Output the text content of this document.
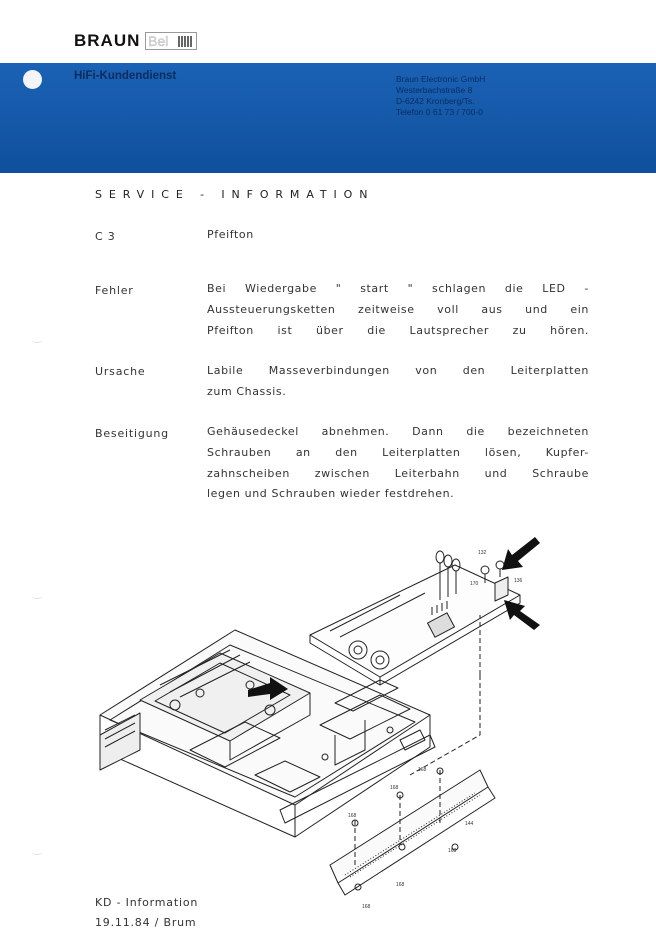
BRAUN Bel
HiFi-Kundendienst	Braun Electronic GmbH
Westerbachstraße 8
D-6242 Kronberg/Ts.
Telefon 0 61 73 / 700-0
SERVICE - INFORMATION
C 3	Pfeifton
Fehler	Bei Wiedergabe " start " schlagen die LED -
Aussteuerungsketten zeitweise voll aus und ein
Pfeifton ist über die Lautsprecher zu hören.
Ursache	Labile Masseverbindungen von den Leiterplatten
zum Chassis.
Beseitigung	Gehäusedeckel abnehmen. Dann die bezeichneten
Schrauben an den Leiterplatten lösen, Kupfer-
zahnscheiben zwischen Leiterbahn und Schraube
legen und Schrauben wieder festdrehen.
132
170	136
168
168
168
168
168
144
168
KD - Information
19.11.84 / Brum
